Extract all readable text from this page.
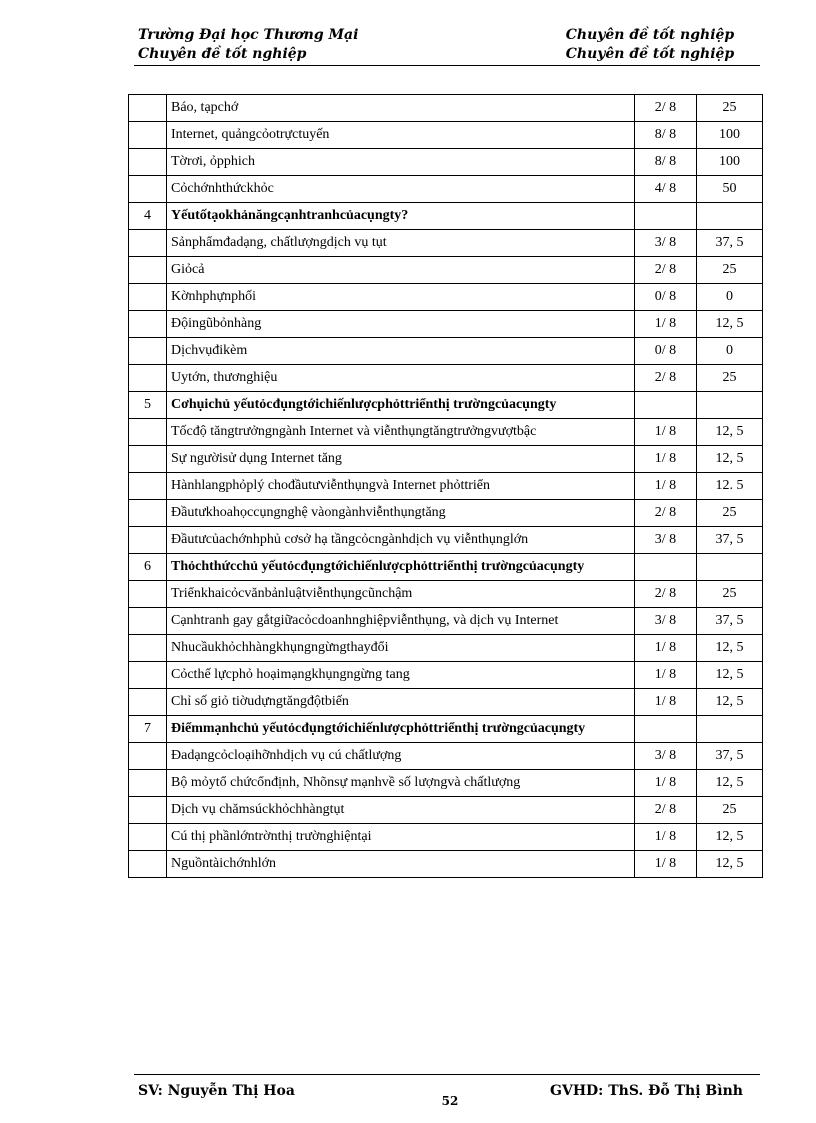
Trường Đại học Thương Mại
Chuyên đề tốt nghiệp
Chuyên đề tốt nghiệp
Chuyên đề tốt nghiệp
	Báo, tạpchớ	2/ 8	25
	Internet, quảngcỏotrựctuyến	8/ 8	100
	Tờrơi, ỏpphich	8/ 8	100
	Cỏchớnhthứckhỏc	4/ 8	50
4	Yếutốtạokhảnăngcạnhtranhcủacụngty?		
	Sảnphẩmđadạng, chấtlượngdịch vụ tụt	3/ 8	37, 5
	Giỏcả	2/ 8	25
	Kờnhphựnphối	0/ 8	0
	Độingũbỏnhàng	1/ 8	12, 5
	Dịchvụđikèm	0/ 8	0
	Uytớn, thươnghiệu	2/ 8	25
5	Cơhụichủ yếutỏcđụngtớichiếnlượcphỏttriểnthị trườngcủacụngty		
	Tốcđộ tăngtrưởngngành Internet và viễnthụngtăngtrưởngvượtbậc	1/ 8	12, 5
	Sự ngườisử dụng Internet tăng	1/ 8	12, 5
	Hànhlangphỏplý chođầutưviễnthụngvà Internet phỏttriển	1/ 8	12. 5
	Đầutưkhoahọccụngnghệ vàongànhviễnthụngtăng	2/ 8	25
	Đầutưcủachớnhphủ cơsở hạ tầngcỏcngànhdịch vụ viễnthụnglớn	3/ 8	37, 5
6	Thỏchthứcchủ yếutỏcđụngtớichiếnlượcphỏttriểnthị trườngcủacụngty		
	Triểnkhaicỏcvănbảnluậtviễnthụngcũnchậm	2/ 8	25
	Cạnhtranh gay gắtgiữacỏcdoanhnghiệpviễnthụng, và dịch vụ Internet	3/ 8	37, 5
	Nhucầukhỏchhàngkhụngngừngthayđổi	1/ 8	12, 5
	Cỏcthế lựcphỏ hoạimạngkhụngngừng tang	1/ 8	12, 5
	Chỉ số giỏ tiờudựngtăngđộtbiến	1/ 8	12, 5
7	Điểmmạnhchủ yếutỏcđụngtớichiếnlượcphỏttriểnthị trườngcủacụngty		
	Đadạngcỏcloạihỡnhdịch vụ cú chấtlượng	3/ 8	37, 5
	Bộ mỏytổ chứcổnđịnh, Nhõnsự mạnhvề số lượngvà chấtlượng	1/ 8	12, 5
	Dịch vụ chămsúckhỏchhàngtụt	2/ 8	25
	Cú thị phầnlớntrờnthị trườnghiệntại	1/ 8	12, 5
	Nguồntàichớnhlớn	1/ 8	12, 5
SV: Nguyễn Thị Hoa
52
GVHD: ThS. Đỗ Thị Bình
